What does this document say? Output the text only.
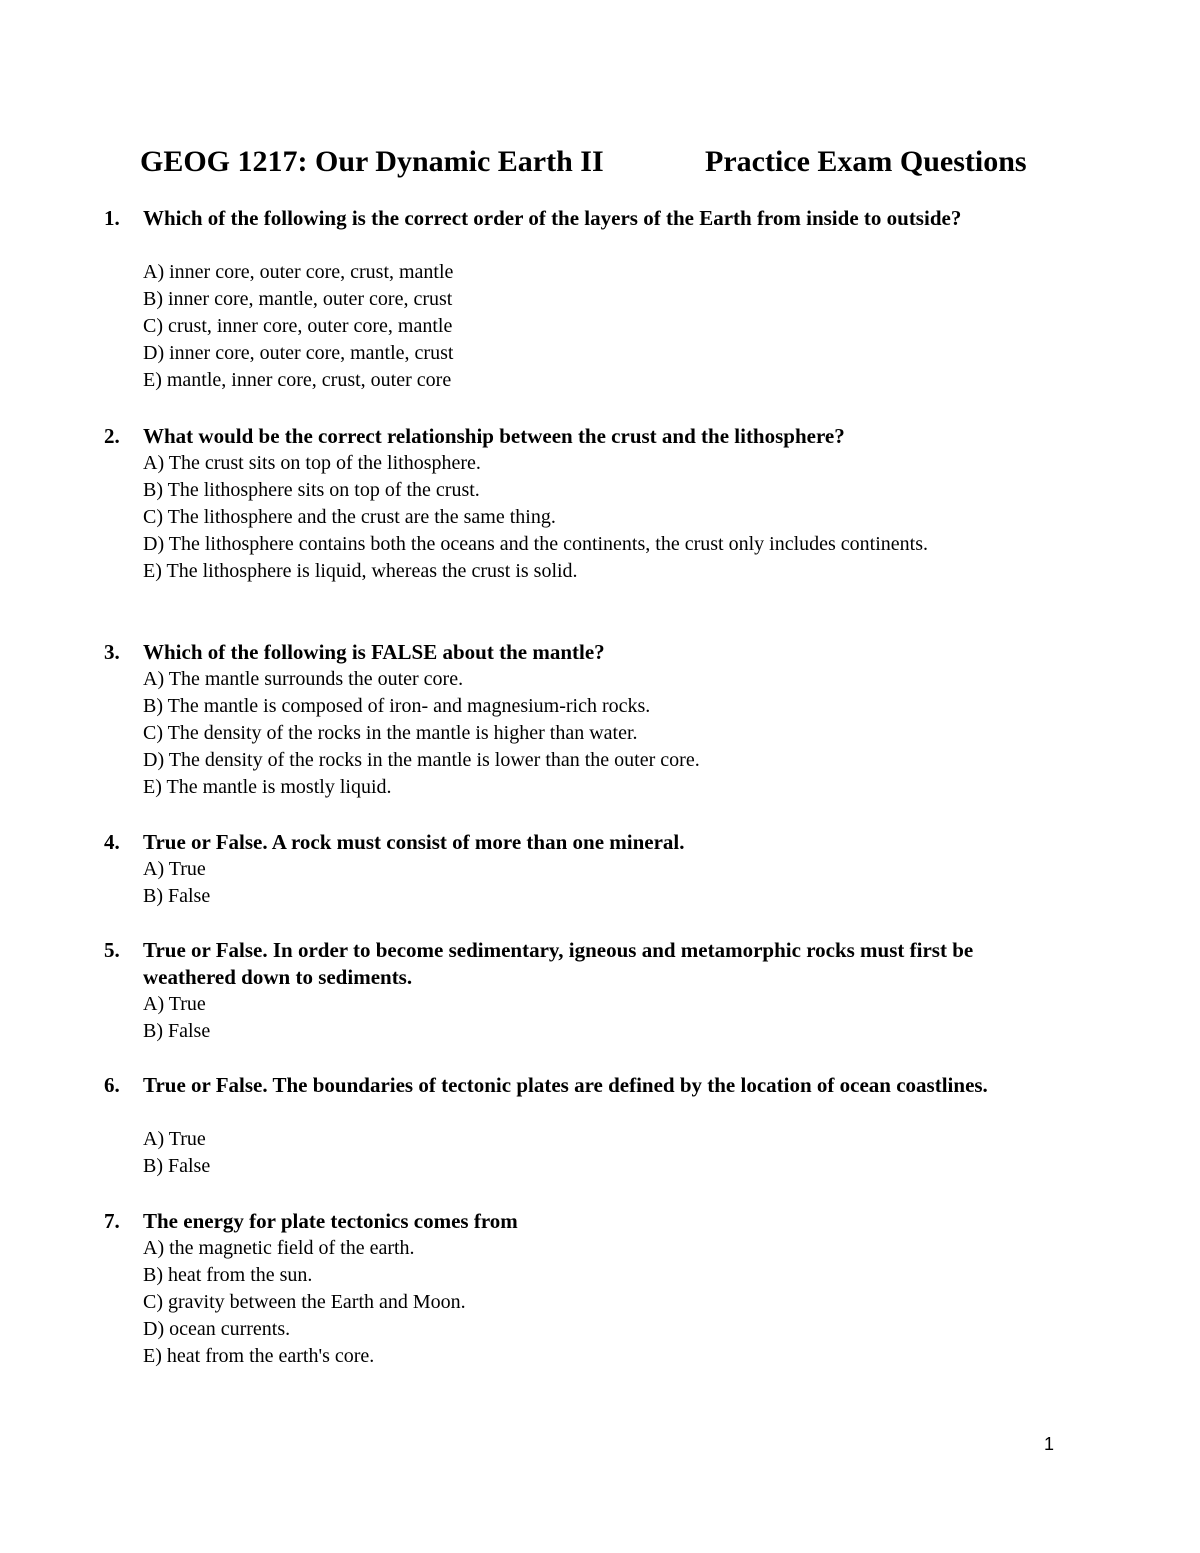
GEOG 1217: Our Dynamic Earth II	Practice Exam Questions
1. Which of the following is the correct order of the layers of the Earth from inside to outside?
A) inner core, outer core, crust, mantle
B) inner core, mantle, outer core, crust
C) crust, inner core, outer core, mantle
D) inner core, outer core, mantle, crust
E) mantle, inner core, crust, outer core
2. What would be the correct relationship between the crust and the lithosphere?
A) The crust sits on top of the lithosphere.
B) The lithosphere sits on top of the crust.
C) The lithosphere and the crust are the same thing.
D) The lithosphere contains both the oceans and the continents, the crust only includes continents.
E) The lithosphere is liquid, whereas the crust is solid.
3. Which of the following is FALSE about the mantle?
A) The mantle surrounds the outer core.
B) The mantle is composed of iron- and magnesium-rich rocks.
C) The density of the rocks in the mantle is higher than water.
D) The density of the rocks in the mantle is lower than the outer core.
E) The mantle is mostly liquid.
4. True or False. A rock must consist of more than one mineral.
A) True
B) False
5. True or False. In order to become sedimentary, igneous and metamorphic rocks must first be weathered down to sediments.
A) True
B) False
6. True or False. The boundaries of tectonic plates are defined by the location of ocean coastlines.
A) True
B) False
7. The energy for plate tectonics comes from
A) the magnetic field of the earth.
B) heat from the sun.
C) gravity between the Earth and Moon.
D) ocean currents.
E) heat from the earth's core.
1
